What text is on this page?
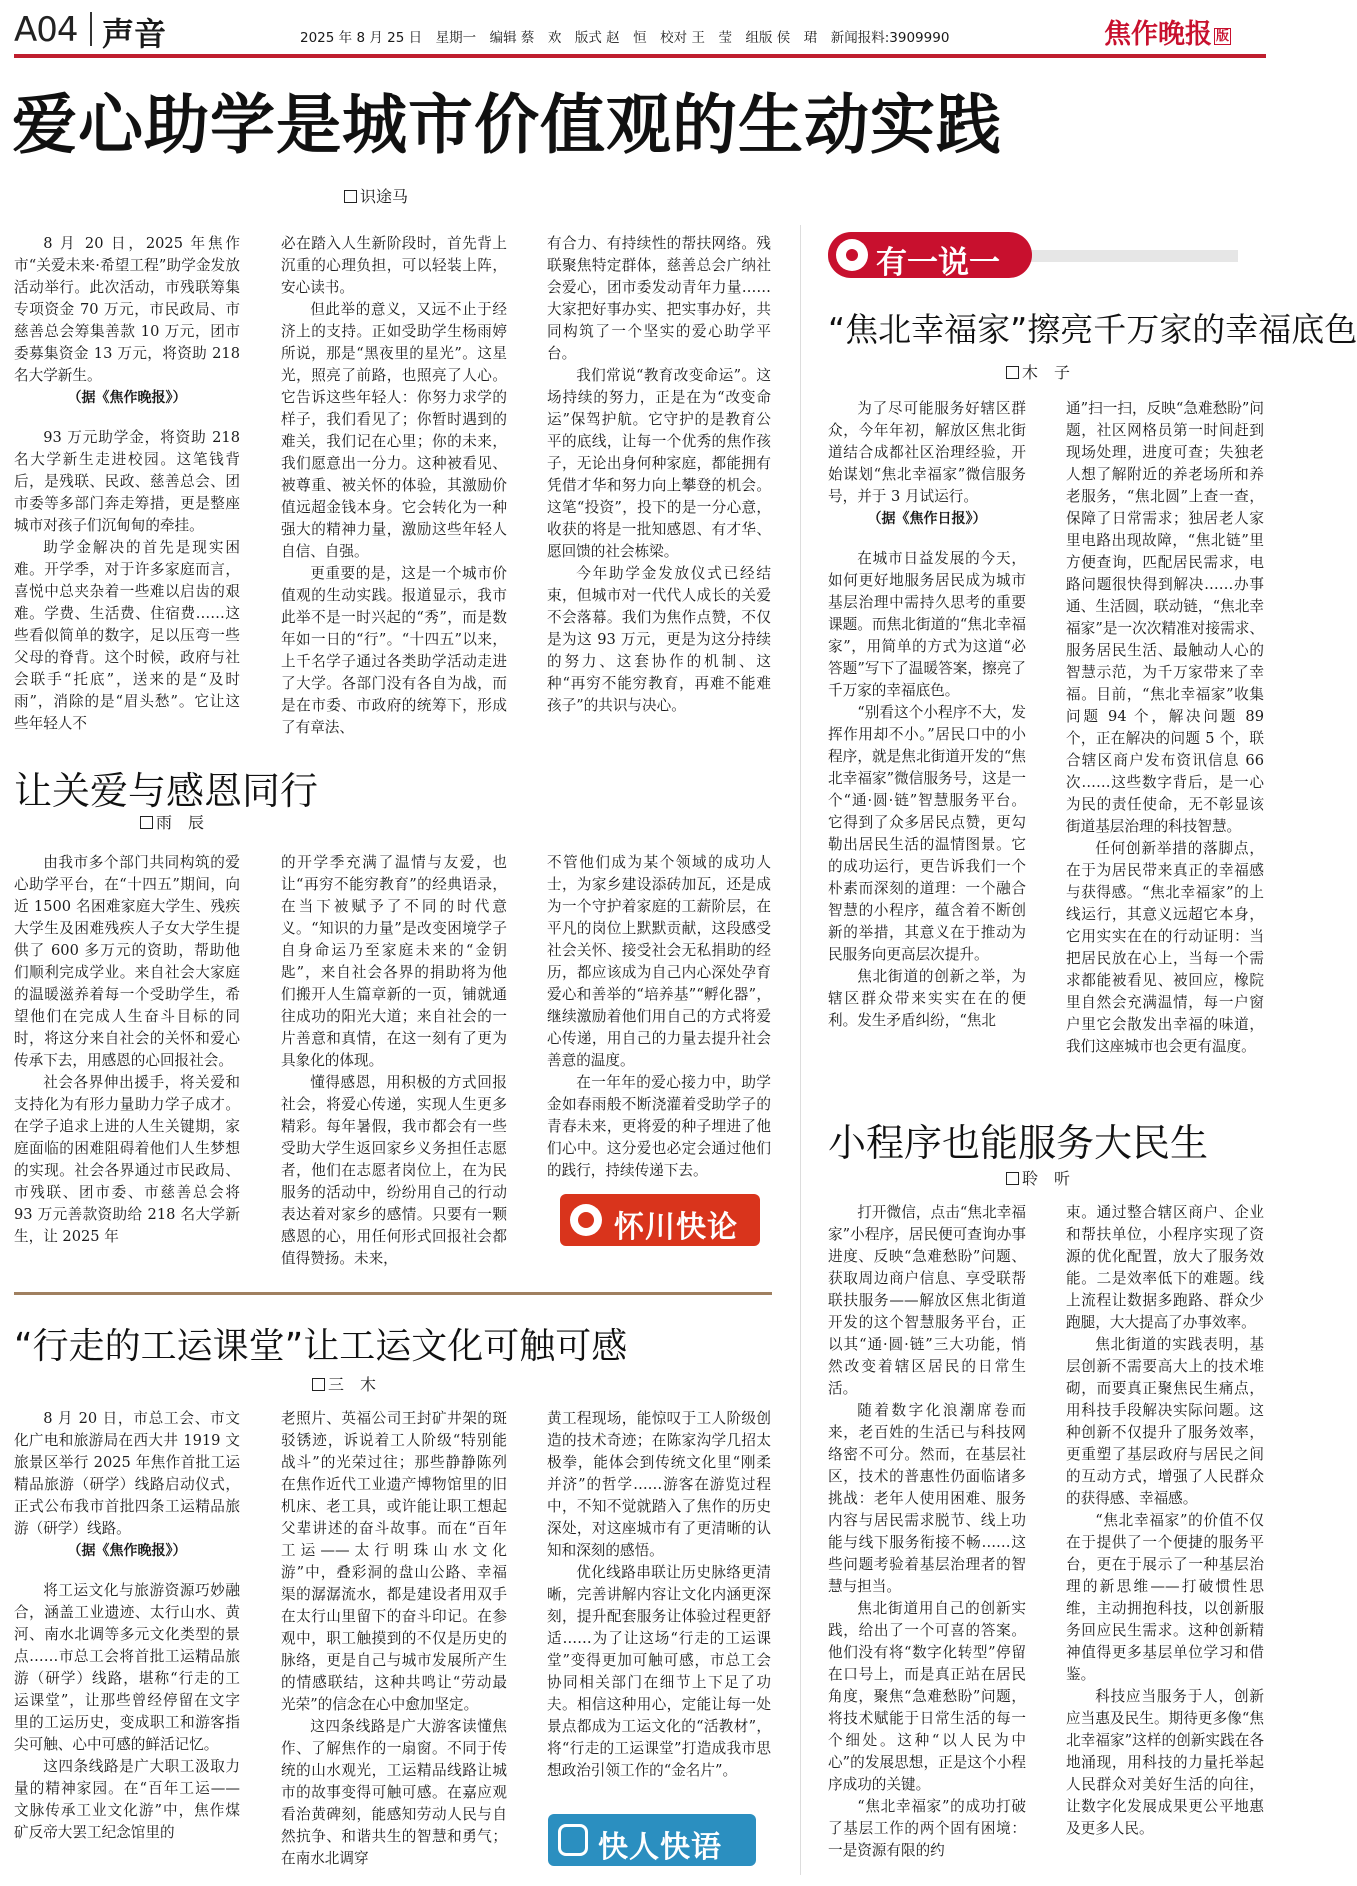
A04 声音	2025 年 8 月 25 日　星期一　编辑 蔡　欢　版式 赵　恒　校对 王　莹　组版 侯　珺　新闻报料:3909990	焦作晚报 版
爱心助学是城市价值观的生动实践
识途马

8 月 20 日，2025 年焦作市“关爱未来·希望工程”助学金发放活动举行。此次活动，市残联筹集专项资金 70 万元，市民政局、市慈善总会筹集善款 10 万元，团市委募集资金 13 万元，将资助 218 名大学新生。

（据《焦作晚报》）

93 万元助学金，将资助 218 名大学新生走进校园。这笔钱背后，是残联、民政、慈善总会、团市委等多部门奔走筹措，更是整座城市对孩子们沉甸甸的牵挂。

助学金解决的首先是现实困难。开学季，对于许多家庭而言，喜悦中总夹杂着一些难以启齿的艰难。学费、生活费、住宿费……这些看似简单的数字，足以压弯一些父母的脊背。这个时候，政府与社会联手“托底”，送来的是“及时雨”，消除的是“眉头愁”。它让这些年轻人不

必在踏入人生新阶段时，首先背上沉重的心理负担，可以轻装上阵，安心读书。

但此举的意义，又远不止于经济上的支持。正如受助学生杨雨婷所说，那是“黑夜里的星光”。这星光，照亮了前路，也照亮了人心。它告诉这些年轻人：你努力求学的样子，我们看见了；你暂时遇到的难关，我们记在心里；你的未来，我们愿意出一分力。这种被看见、被尊重、被关怀的体验，其激励价值远超金钱本身。它会转化为一种强大的精神力量，激励这些年轻人自信、自强。

更重要的是，这是一个城市价值观的生动实践。报道显示，我市此举不是一时兴起的“秀”，而是数年如一日的“行”。“十四五”以来，上千名学子通过各类助学活动走进了大学。各部门没有各自为战，而是在市委、市政府的统筹下，形成了有章法、

有合力、有持续性的帮扶网络。残联聚焦特定群体，慈善总会广纳社会爱心，团市委发动青年力量……大家把好事办实、把实事办好，共同构筑了一个坚实的爱心助学平台。

我们常说“教育改变命运”。这场持续的努力，正是在为“改变命运”保驾护航。它守护的是教育公平的底线，让每一个优秀的焦作孩子，无论出身何种家庭，都能拥有凭借才华和努力向上攀登的机会。这笔“投资”，投下的是一分心意，收获的将是一批知感恩、有才华、愿回馈的社会栋梁。

今年助学金发放仪式已经结束，但城市对一代代人成长的关爱不会落幕。我们为焦作点赞，不仅是为这 93 万元，更是为这分持续的努力、这套协作的机制、这种“再穷不能穷教育，再难不能难孩子”的共识与决心。

让关爱与感恩同行
雨　辰

由我市多个部门共同构筑的爱心助学平台，在“十四五”期间，向近 1500 名困难家庭大学生、残疾大学生及困难残疾人子女大学生提供了 600 多万元的资助，帮助他们顺利完成学业。来自社会大家庭的温暖滋养着每一个受助学生，希望他们在完成人生奋斗目标的同时，将这分来自社会的关怀和爱心传承下去，用感恩的心回报社会。

社会各界伸出援手，将关爱和支持化为有形力量助力学子成才。在学子追求上进的人生关键期，家庭面临的困难阻碍着他们人生梦想的实现。社会各界通过市民政局、市残联、团市委、市慈善总会将 93 万元善款资助给 218 名大学新生，让 2025 年

的开学季充满了温情与友爱，也让“再穷不能穷教育”的经典语录，在当下被赋予了不同的时代意义。“知识的力量”是改变困境学子自身命运乃至家庭未来的“金钥匙”，来自社会各界的捐助将为他们搬开人生篇章新的一页，铺就通往成功的阳光大道；来自社会的一片善意和真情，在这一刻有了更为具象化的体现。

懂得感恩，用积极的方式回报社会，将爱心传递，实现人生更多精彩。每年暑假，我市都会有一些受助大学生返回家乡义务担任志愿者，他们在志愿者岗位上，在为民服务的活动中，纷纷用自己的行动表达着对家乡的感情。只要有一颗感恩的心，用任何形式回报社会都值得赞扬。未来，

不管他们成为某个领域的成功人士，为家乡建设添砖加瓦，还是成为一个守护着家庭的工薪阶层，在平凡的岗位上默默贡献，这段感受社会关怀、接受社会无私捐助的经历，都应该成为自己内心深处孕育爱心和善举的“培养基”“孵化器”，继续激励着他们用自己的方式将爱心传递，用自己的力量去提升社会善意的温度。

在一年年的爱心接力中，助学金如春雨般不断浇灌着受助学子的青春未来，更将爱的种子埋进了他们心中。这分爱也必定会通过他们的践行，持续传递下去。

怀川快论
“行走的工运课堂”让工运文化可触可感
三　木

8 月 20 日，市总工会、市文化广电和旅游局在西大井 1919 文旅景区举行 2025 年焦作首批工运精品旅游（研学）线路启动仪式，正式公布我市首批四条工运精品旅游（研学）线路。

（据《焦作晚报》）

将工运文化与旅游资源巧妙融合，涵盖工业遗迹、太行山水、黄河、南水北调等多元文化类型的景点……市总工会将首批工运精品旅游（研学）线路，堪称“行走的工运课堂”，让那些曾经停留在文字里的工运历史，变成职工和游客指尖可触、心中可感的鲜活记忆。

这四条线路是广大职工汲取力量的精神家园。在“百年工运——文脉传承工业文化游”中，焦作煤矿反帝大罢工纪念馆里的

老照片、英福公司王封矿井架的斑驳锈迹，诉说着工人阶级“特别能战斗”的光荣过往；那些静静陈列在焦作近代工业遗产博物馆里的旧机床、老工具，或许能让职工想起父辈讲述的奋斗故事。而在“百年工运——太行明珠山水文化游”中，叠彩洞的盘山公路、幸福渠的潺潺流水，都是建设者用双手在太行山里留下的奋斗印记。在参观中，职工触摸到的不仅是历史的脉络，更是自己与城市发展所产生的情感联结，这种共鸣让“劳动最光荣”的信念在心中愈加坚定。

这四条线路是广大游客读懂焦作、了解焦作的一扇窗。不同于传统的山水观光，工运精品线路让城市的故事变得可触可感。在嘉应观看治黄碑刻，能感知劳动人民与自然抗争、和谐共生的智慧和勇气；在南水北调穿

黄工程现场，能惊叹于工人阶级创造的技术奇迹；在陈家沟学几招太极拳，能体会到传统文化里“刚柔并济”的哲学……游客在游览过程中，不知不觉就踏入了焦作的历史深处，对这座城市有了更清晰的认知和深刻的感悟。

优化线路串联让历史脉络更清晰，完善讲解内容让文化内涵更深刻，提升配套服务让体验过程更舒适……为了让这场“行走的工运课堂”变得更加可触可感，市总工会协同相关部门在细节上下足了功夫。相信这种用心，定能让每一处景点都成为工运文化的“活教材”，将“行走的工运课堂”打造成我市思想政治引领工作的“金名片”。

快人快语
有一说一
“焦北幸福家”擦亮千万家的幸福底色
木　子

为了尽可能服务好辖区群众，今年年初，解放区焦北街道结合成都社区治理经验，开始谋划“焦北幸福家”微信服务号，并于 3 月试运行。

（据《焦作日报》）

在城市日益发展的今天，如何更好地服务居民成为城市基层治理中需持久思考的重要课题。而焦北街道的“焦北幸福家”，用简单的方式为这道“必答题”写下了温暖答案，擦亮了千万家的幸福底色。

“别看这个小程序不大，发挥作用却不小。”居民口中的小程序，就是焦北街道开发的“焦北幸福家”微信服务号，这是一个“通·圆·链”智慧服务平台。它得到了众多居民点赞，更勾勒出居民生活的温情图景。它的成功运行，更告诉我们一个朴素而深刻的道理：一个融合智慧的小程序，蕴含着不断创新的举措，其意义在于推动为民服务向更高层次提升。

焦北街道的创新之举，为辖区群众带来实实在在的便利。发生矛盾纠纷，“焦北

通”扫一扫，反映“急难愁盼”问题，社区网格员第一时间赶到现场处理，进度可查；失独老人想了解附近的养老场所和养老服务，“焦北圆”上查一查，保障了日常需求；独居老人家里电路出现故障，“焦北链”里方便查询，匹配居民需求，电路问题很快得到解决……办事通、生活圆，联动链，“焦北幸福家”是一次次精准对接需求、服务居民生活、最触动人心的智慧示范，为千万家带来了幸福。目前，“焦北幸福家”收集问题 94 个，解决问题 89 个，正在解决的问题 5 个，联合辖区商户发布资讯信息 66 次……这些数字背后，是一心为民的责任使命，无不彰显该街道基层治理的科技智慧。

任何创新举措的落脚点，在于为居民带来真正的幸福感与获得感。“焦北幸福家”的上线运行，其意义远超它本身，它用实实在在的行动证明：当把居民放在心上，当每一个需求都能被看见、被回应，橡院里自然会充满温情，每一户窗户里它会散发出幸福的味道，我们这座城市也会更有温度。

小程序也能服务大民生
聆　听

打开微信，点击“焦北幸福家”小程序，居民便可查询办事进度、反映“急难愁盼”问题、获取周边商户信息、享受联帮联扶服务——解放区焦北街道开发的这个智慧服务平台，正以其“通·圆·链”三大功能，悄然改变着辖区居民的日常生活。

随着数字化浪潮席卷而来，老百姓的生活已与科技网络密不可分。然而，在基层社区，技术的普惠性仍面临诸多挑战：老年人使用困难、服务内容与居民需求脱节、线上功能与线下服务衔接不畅……这些问题考验着基层治理者的智慧与担当。

焦北街道用自己的创新实践，给出了一个可喜的答案。他们没有将“数字化转型”停留在口号上，而是真正站在居民角度，聚焦“急难愁盼”问题，将技术赋能于日常生活的每一个细处。这种“以人民为中心”的发展思想，正是这个小程序成功的关键。

“焦北幸福家”的成功打破了基层工作的两个固有困境：一是资源有限的约

束。通过整合辖区商户、企业和帮扶单位，小程序实现了资源的优化配置，放大了服务效能。二是效率低下的难题。线上流程让数据多跑路、群众少跑腿，大大提高了办事效率。

焦北街道的实践表明，基层创新不需要高大上的技术堆砌，而要真正聚焦民生痛点，用科技手段解决实际问题。这种创新不仅提升了服务效率，更重塑了基层政府与居民之间的互动方式，增强了人民群众的获得感、幸福感。

“焦北幸福家”的价值不仅在于提供了一个便捷的服务平台，更在于展示了一种基层治理的新思维——打破惯性思维，主动拥抱科技，以创新服务回应民生需求。这种创新精神值得更多基层单位学习和借鉴。

科技应当服务于人，创新应当惠及民生。期待更多像“焦北幸福家”这样的创新实践在各地涌现，用科技的力量托举起人民群众对美好生活的向往，让数字化发展成果更公平地惠及更多人民。
